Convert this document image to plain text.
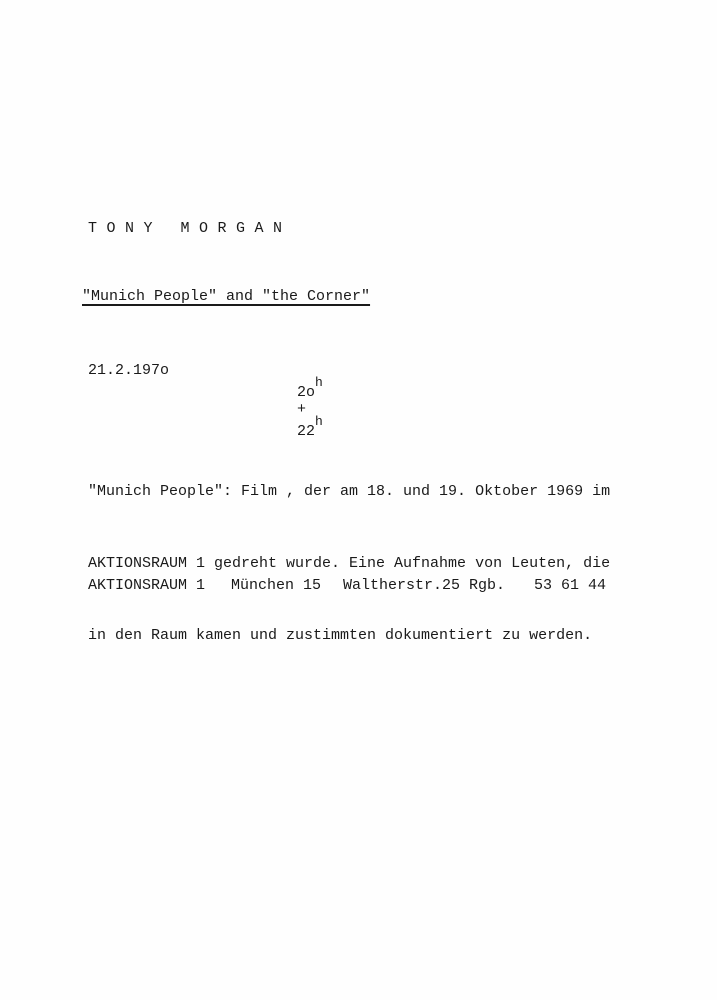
TONY MORGAN
"Munich People" and "the Corner"

21.2.197o

$2o^h$
+
22$^h$

"Munich People": Film , der am 18. und 19. Oktober 1969 im

AKTIONSRAUM 1 gedreht wurde. Eine Aufnahme von Leuten, die

in den Raum kamen und zustimmten dokumentiert zu werden.

AKTIONSRAUM 1

München 15

Waltherstr.25 Rgb.

53 61 44
